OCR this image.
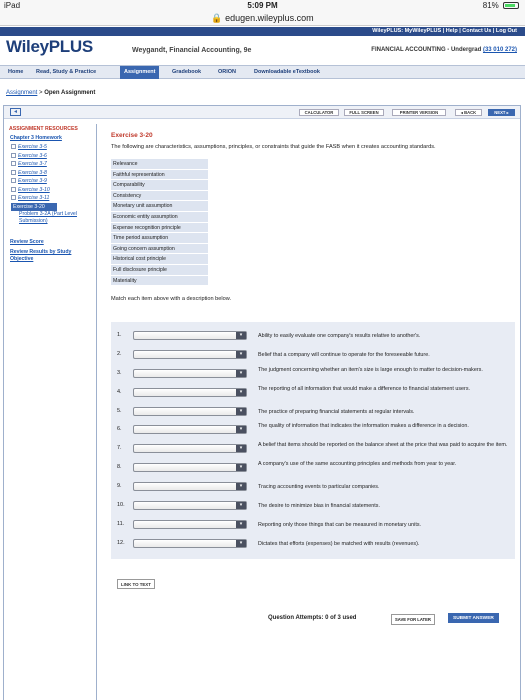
iPad	5:09 PM	81%
🔒 edugen.wileyplus.com
WileyPLUS: MyWileyPLUS | Help | Contact Us | Log Out
WileyPLUS	Weygandt, Financial Accounting, 9e	FINANCIAL ACCOUNTING - Undergrad (33 010 272)
Home	Read, Study & Practice	Assignment	Gradebook	ORION	Downloadable eTextbook
Assignment > Open Assignment
◂	CALCULATOR	FULL SCREEN	PRINTER VERSION	◂ BACK	NEXT ▸
ASSIGNMENT RESOURCES
Chapter 3 Homework
Exercise 3-5
Exercise 3-6
Exercise 3-7
Exercise 3-8
Exercise 3-9
Exercise 3-10
Exercise 3-11
Exercise 3-20
Problem 3-2A (Part Level Submission)
Review Score
Review Results by Study Objective
Exercise 3-20
The following are characteristics, assumptions, principles, or constraints that guide the FASB when it creates accounting standards.
Relevance
Faithful representation
Comparability
Consistency
Monetary unit assumption
Economic entity assumption
Expense recognition principle
Time period assumption
Going concern assumption
Historical cost principle
Full disclosure principle
Materiality
Match each item above with a description below.
1.	▾	Ability to easily evaluate one company's results relative to another's.
2.	▾	Belief that a company will continue to operate for the foreseeable future.
3.	▾	The judgment concerning whether an item's size is large enough to matter to decision-makers.
4.	▾	The reporting of all information that would make a difference to financial statement users.
5.	▾	The practice of preparing financial statements at regular intervals.
6.	▾	The quality of information that indicates the information makes a difference in a decision.
7.	▾	A belief that items should be reported on the balance sheet at the price that was paid to acquire the item.
8.	▾	A company's use of the same accounting principles and methods from year to year.
9.	▾	Tracing accounting events to particular companies.
10.	▾	The desire to minimize bias in financial statements.
11.	▾	Reporting only those things that can be measured in monetary units.
12.	▾	Dictates that efforts (expenses) be matched with results (revenues).
LINK TO TEXT
Question Attempts: 0 of 3 used	SAVE FOR LATER	SUBMIT ANSWER
